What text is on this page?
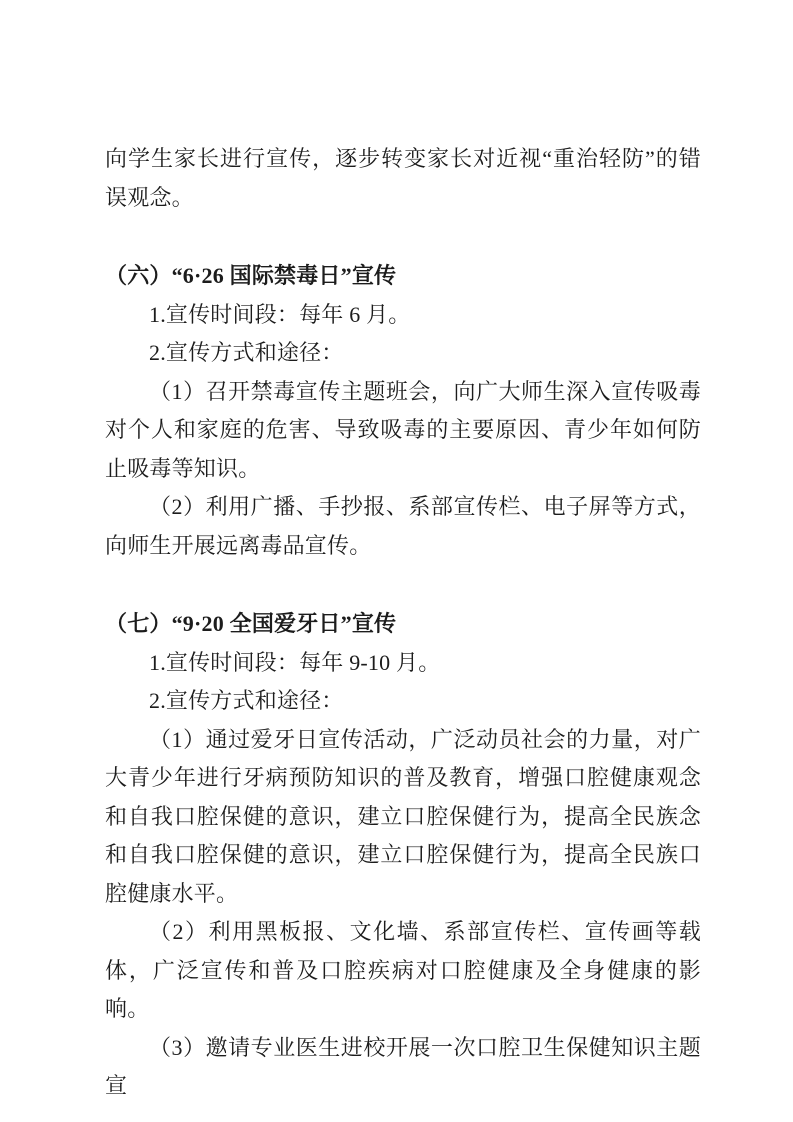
向学生家长进行宣传，逐步转变家长对近视“重治轻防”的错误观念。

（六）“6·26 国际禁毒日”宣传

1.宣传时间段：每年 6 月。

2.宣传方式和途径：

（1）召开禁毒宣传主题班会，向广大师生深入宣传吸毒对个人和家庭的危害、导致吸毒的主要原因、青少年如何防止吸毒等知识。

（2）利用广播、手抄报、系部宣传栏、电子屏等方式，向师生开展远离毒品宣传。

（七）“9·20 全国爱牙日”宣传

1.宣传时间段：每年 9-10 月。

2.宣传方式和途径：

（1）通过爱牙日宣传活动，广泛动员社会的力量，对广大青少年进行牙病预防知识的普及教育，增强口腔健康观念和自我口腔保健的意识，建立口腔保健行为，提高全民族念和自我口腔保健的意识，建立口腔保健行为，提高全民族口腔健康水平。

（2）利用黑板报、文化墙、系部宣传栏、宣传画等载体，广泛宣传和普及口腔疾病对口腔健康及全身健康的影响。

（3）邀请专业医生进校开展一次口腔卫生保健知识主题宣
